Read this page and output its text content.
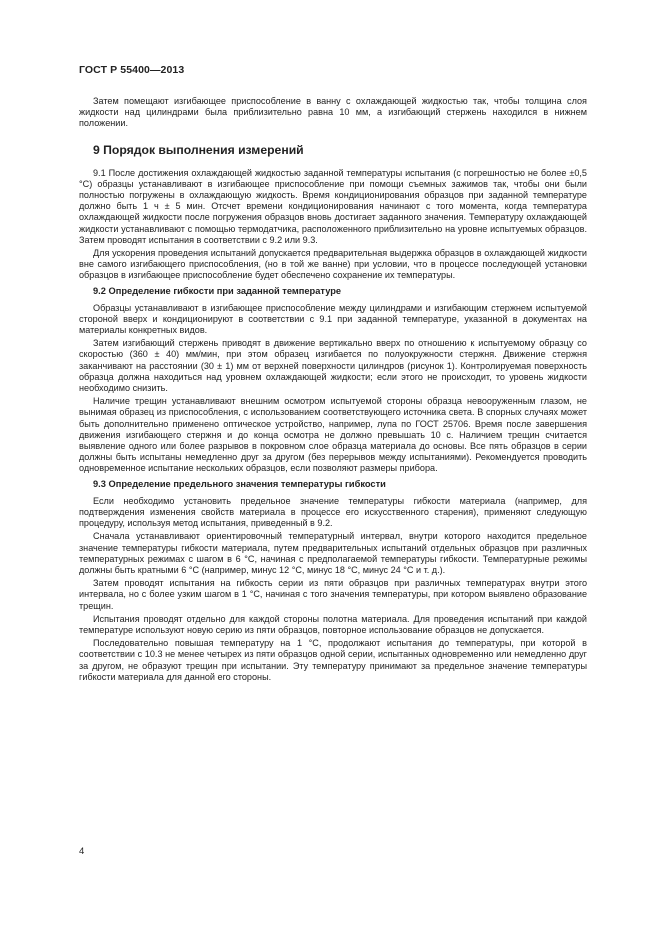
ГОСТ Р 55400—2013

Затем помещают изгибающее приспособление в ванну с охлаждающей жидкостью так, чтобы толщина слоя жидкости над цилиндрами была приблизительно равна 10 мм, а изгибающий стержень находился в нижнем положении.

9 Порядок выполнения измерений

9.1 После достижения охлаждающей жидкостью заданной температуры испытания (с погрешностью не более ±0,5 °С) образцы устанавливают в изгибающее приспособление при помощи съемных зажимов так, чтобы они были полностью погружены в охлаждающую жидкость. Время кондиционирования образцов при заданной температуре должно быть 1 ч ± 5 мин. Отсчет времени кондиционирования начинают с того момента, когда температура охлаждающей жидкости после погружения образцов вновь достигает заданного значения. Температуру охлаждающей жидкости устанавливают с помощью термодатчика, расположенного приблизительно на уровне испытуемых образцов. Затем проводят испытания в соответствии с 9.2 или 9.3.

Для ускорения проведения испытаний допускается предварительная выдержка образцов в охлаждающей жидкости вне самого изгибающего приспособления, (но в той же ванне) при условии, что в процессе последующей установки образцов в изгибающее приспособление будет обеспечено сохранение их температуры.

9.2 Определение гибкости при заданной температуре

Образцы устанавливают в изгибающее приспособление между цилиндрами и изгибающим стержнем испытуемой стороной вверх и кондиционируют в соответствии с 9.1 при заданной температуре, указанной в документах на материалы конкретных видов.

Затем изгибающий стержень приводят в движение вертикально вверх по отношению к испытуемому образцу со скоростью (360 ± 40) мм/мин, при этом образец изгибается по полуокружности стержня. Движение стержня заканчивают на расстоянии (30 ± 1) мм от верхней поверхности цилиндров (рисунок 1). Контролируемая поверхность образца должна находиться над уровнем охлаждающей жидкости; если этого не происходит, то уровень жидкости необходимо снизить.

Наличие трещин устанавливают внешним осмотром испытуемой стороны образца невооруженным глазом, не вынимая образец из приспособления, с использованием соответствующего источника света. В спорных случаях может быть дополнительно применено оптическое устройство, например, лупа по ГОСТ 25706. Время после завершения движения изгибающего стержня и до конца осмотра не должно превышать 10 с. Наличием трещин считается выявление одного или более разрывов в покровном слое образца материала до основы. Все пять образцов в серии должны быть испытаны немедленно друг за другом (без перерывов между испытаниями). Рекомендуется проводить одновременное испытание нескольких образцов, если позволяют размеры прибора.

9.3 Определение предельного значения температуры гибкости

Если необходимо установить предельное значение температуры гибкости материала (например, для подтверждения изменения свойств материала в процессе его искусственного старения), применяют следующую процедуру, используя метод испытания, приведенный в 9.2.

Сначала устанавливают ориентировочный температурный интервал, внутри которого находится предельное значение температуры гибкости материала, путем предварительных испытаний отдельных образцов при различных температурных режимах с шагом в 6 °С, начиная с предполагаемой температуры гибкости. Температурные режимы должны быть кратными 6 °С (например, минус 12 °С, минус 18 °С, минус 24 °С и т. д.).

Затем проводят испытания на гибкость серии из пяти образцов при различных температурах внутри этого интервала, но с более узким шагом в 1 °С, начиная с того значения температуры, при котором выявлено образование трещин.

Испытания проводят отдельно для каждой стороны полотна материала. Для проведения испытаний при каждой температуре используют новую серию из пяти образцов, повторное использование образцов не допускается.

Последовательно повышая температуру на 1 °С, продолжают испытания до температуры, при которой в соответствии с 10.3 не менее четырех из пяти образцов одной серии, испытанных одновременно или немедленно друг за другом, не образуют трещин при испытании. Эту температуру принимают за предельное значение температуры гибкости материала для данной его стороны.

4
